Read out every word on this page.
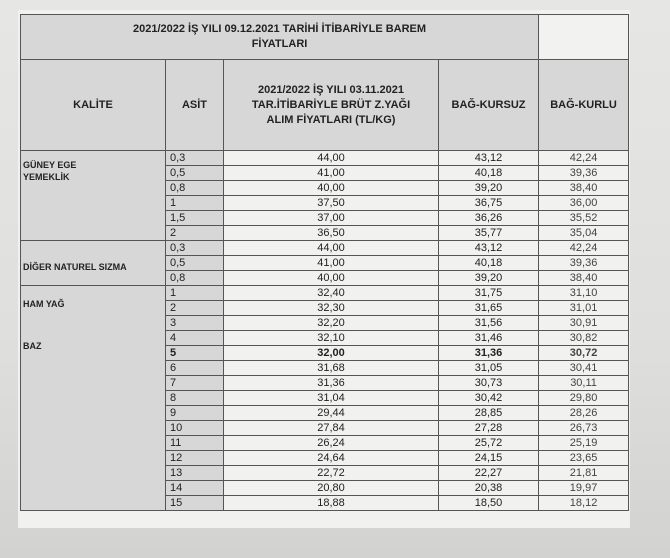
2021/2022 İŞ YILI 09.12.2021 TARİHİ İTİBARİYLE BAREM
FİYATLARI				

KALİTE	ASİT	2021/2022 İŞ YILI 03.11.2021
TAR.İTİBARİYLE BRÜT Z.YAĞI
ALIM FİYATLARI (TL/KG)	BAĞ-KURSUZ	BAĞ-KURLU

GÜNEY EGE
YEMEKLİK	0,3	44,00	43,12	42,24
	0,5	41,00	40,18	39,36
	0,8	40,00	39,20	38,40
	1	37,50	36,75	36,00
	1,5	37,00	36,26	35,52
	2	36,50	35,77	35,04

DİĞER NATUREL SIZMA	0,3	44,00	43,12	42,24
	0,5	41,00	40,18	39,36
	0,8	40,00	39,20	38,40

HAM YAĞ
BAZ	1	32,40	31,75	31,10
	2	32,30	31,65	31,01
	3	32,20	31,56	30,91
	4	32,10	31,46	30,82
	5	32,00	31,36	30,72
	6	31,68	31,05	30,41
	7	31,36	30,73	30,11
	8	31,04	30,42	29,80
	9	29,44	28,85	28,26
	10	27,84	27,28	26,73
	11	26,24	25,72	25,19
	12	24,64	24,15	23,65
	13	22,72	22,27	21,81
	14	20,80	20,38	19,97
	15	18,88	18,50	18,12
